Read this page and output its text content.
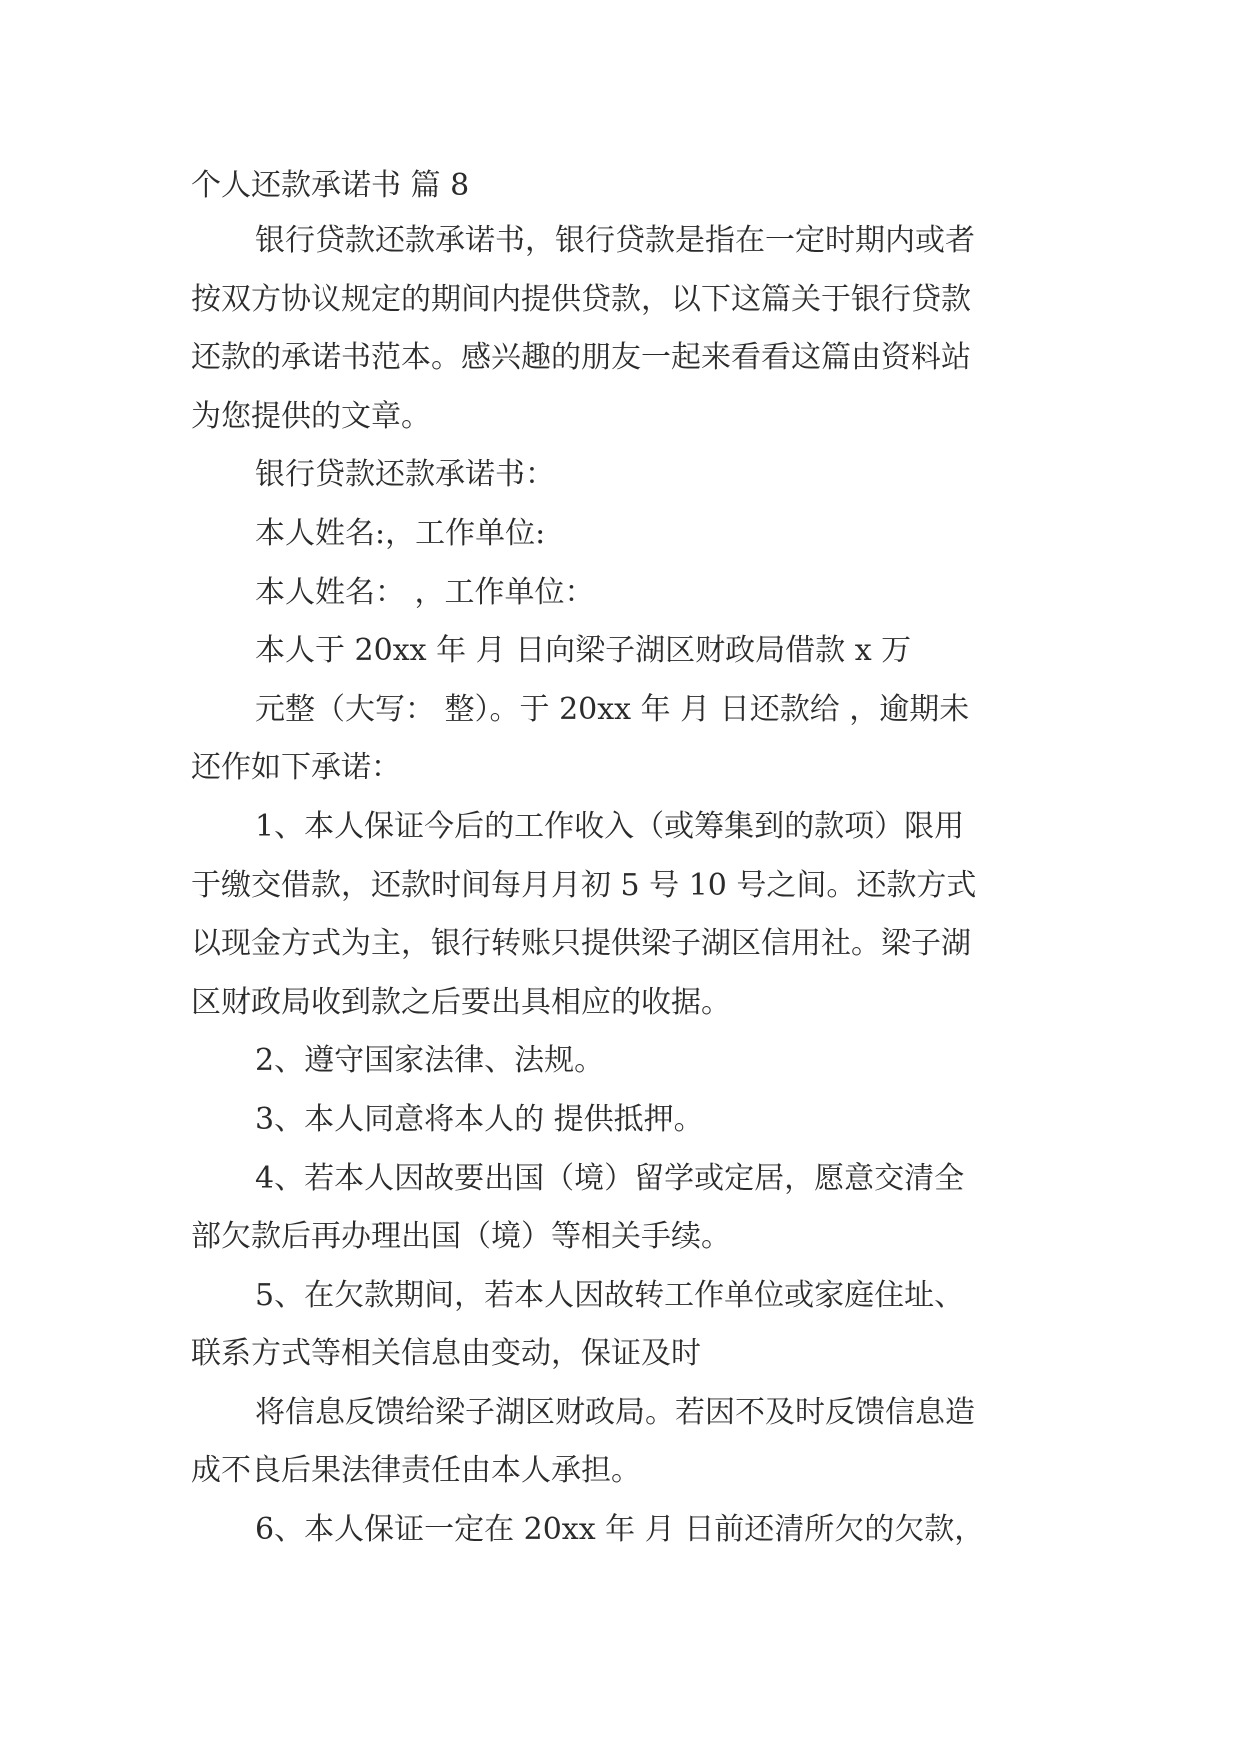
个人还款承诺书 篇 8
银行贷款还款承诺书，银行贷款是指在一定时期内或者
按双方协议规定的期间内提供贷款，以下这篇关于银行贷款
还款的承诺书范本。感兴趣的朋友一起来看看这篇由资料站
为您提供的文章。
银行贷款还款承诺书：
本人姓名:，工作单位:
本人姓名： ，工作单位：
本人于 20xx 年 月 日向梁子湖区财政局借款 x 万
元整（大写： 整）。于 20xx 年 月 日还款给 ，逾期未
还作如下承诺：
1、本人保证今后的工作收入（或筹集到的款项）限用
于缴交借款，还款时间每月月初 5 号 10 号之间。还款方式
以现金方式为主，银行转账只提供梁子湖区信用社。梁子湖
区财政局收到款之后要出具相应的收据。
2、遵守国家法律、法规。
3、本人同意将本人的 提供抵押。
4、若本人因故要出国（境）留学或定居，愿意交清全
部欠款后再办理出国（境）等相关手续。
5、在欠款期间，若本人因故转工作单位或家庭住址、
联系方式等相关信息由变动，保证及时
将信息反馈给梁子湖区财政局。若因不及时反馈信息造
成不良后果法律责任由本人承担。
6、本人保证一定在 20xx 年 月 日前还清所欠的欠款，
